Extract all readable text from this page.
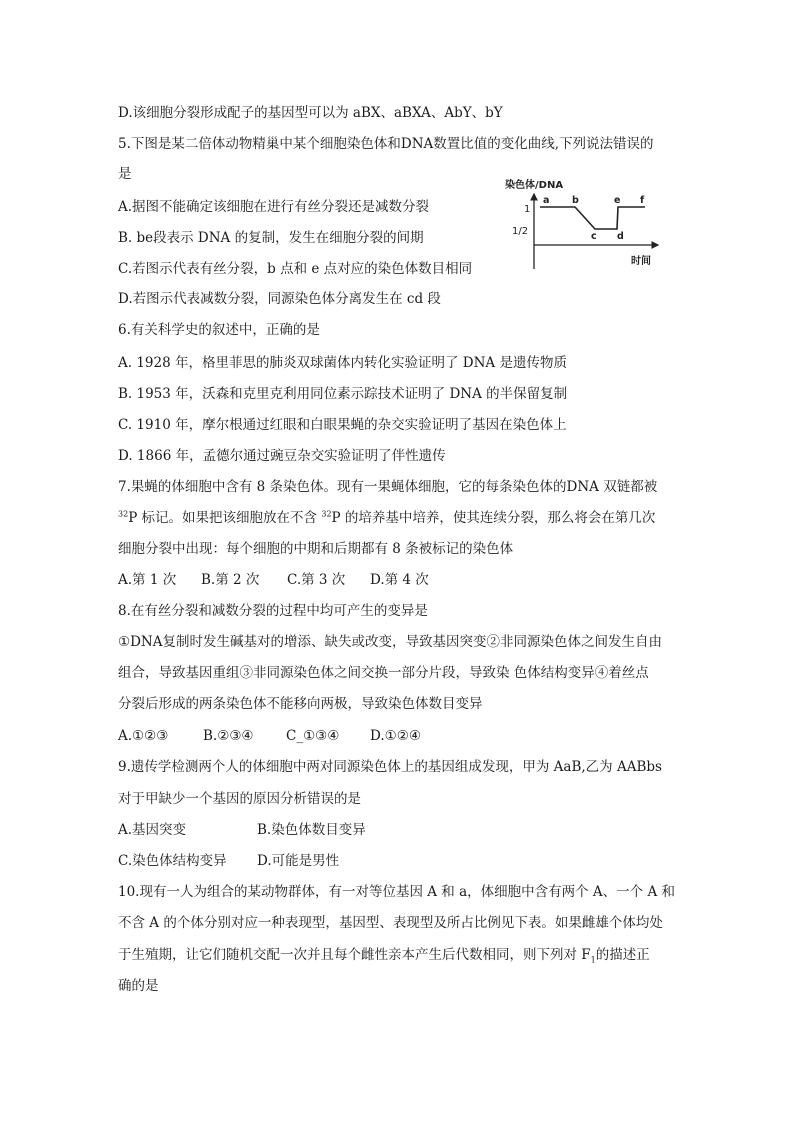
D.该细胞分裂形成配子的基因型可以为 aBX、aBXA、AbY、bY
5.下图是某二倍体动物精巢中某个细胞染色体和DNA数置比值的变化曲线,下列说法错误的
是
A.据图不能确定该细胞在进行有丝分裂还是减数分裂
B. be段表示 DNA 的复制，发生在细胞分裂的间期
C.若图示代表有丝分裂，b 点和 e 点对应的染色体数目相同
D.若图示代表减数分裂，同源染色体分离发生在 cd 段
染色体/DNA
1
1/2
a b
c d
e f
时间
6.有关科学史的叙述中，正确的是
A. 1928 年，格里菲思的肺炎双球菌体内转化实验证明了 DNA 是遗传物质
B. 1953 年，沃森和克里克利用同位素示踪技术证明了 DNA 的半保留复制
C. 1910 年，摩尔根通过红眼和白眼果蝇的杂交实验证明了基因在染色体上
D. 1866 年，孟德尔通过豌豆杂交实验证明了伴性遗传
7.果蝇的体细胞中含有 8 条染色体。现有一果蝇体细胞，它的每条染色体的DNA 双链都被
$^{32}$P 标记。如果把该细胞放在不含 $^{32}$P 的培养基中培养，使其连续分裂，那么将会在第几次
细胞分裂中出现：每个细胞的中期和后期都有 8 条被标记的染色体
A.第 1 次 B.第 2 次 C.第 3 次 D.第 4 次
8.在有丝分裂和减数分裂的过程中均可产生的变异是
①DNA复制时发生碱基对的增添、缺失或改变，导致基因突变②非同源染色体之间发生自由
组合，导致基因重组③非同源染色体之间交换一部分片段，导致染 色体结构变异④着丝点
分裂后形成的两条染色体不能移向两极，导致染色体数目变异
A.①②③	B.②③④ C_①③④ D.①②④
9.遗传学检测两个人的体细胞中两对同源染色体上的基因组成发现，甲为 AaB,乙为 AABbs
对于甲缺少一个基因的原因分析错误的是
A.基因突变	B.染色体数目变异
C.染色体结构变异 D.可能是男性
10.现有一人为组合的某动物群体，有一对等位基因 A 和 a，体细胞中含有两个 A、一个 A 和
不含 A 的个体分别对应一种表现型，基因型、表现型及所占比例见下表。如果雌雄个体均处
于生殖期，让它们随机交配一次并且每个雌性亲本产生后代数相同，则下列对 $F_1$的描述正
确的是
